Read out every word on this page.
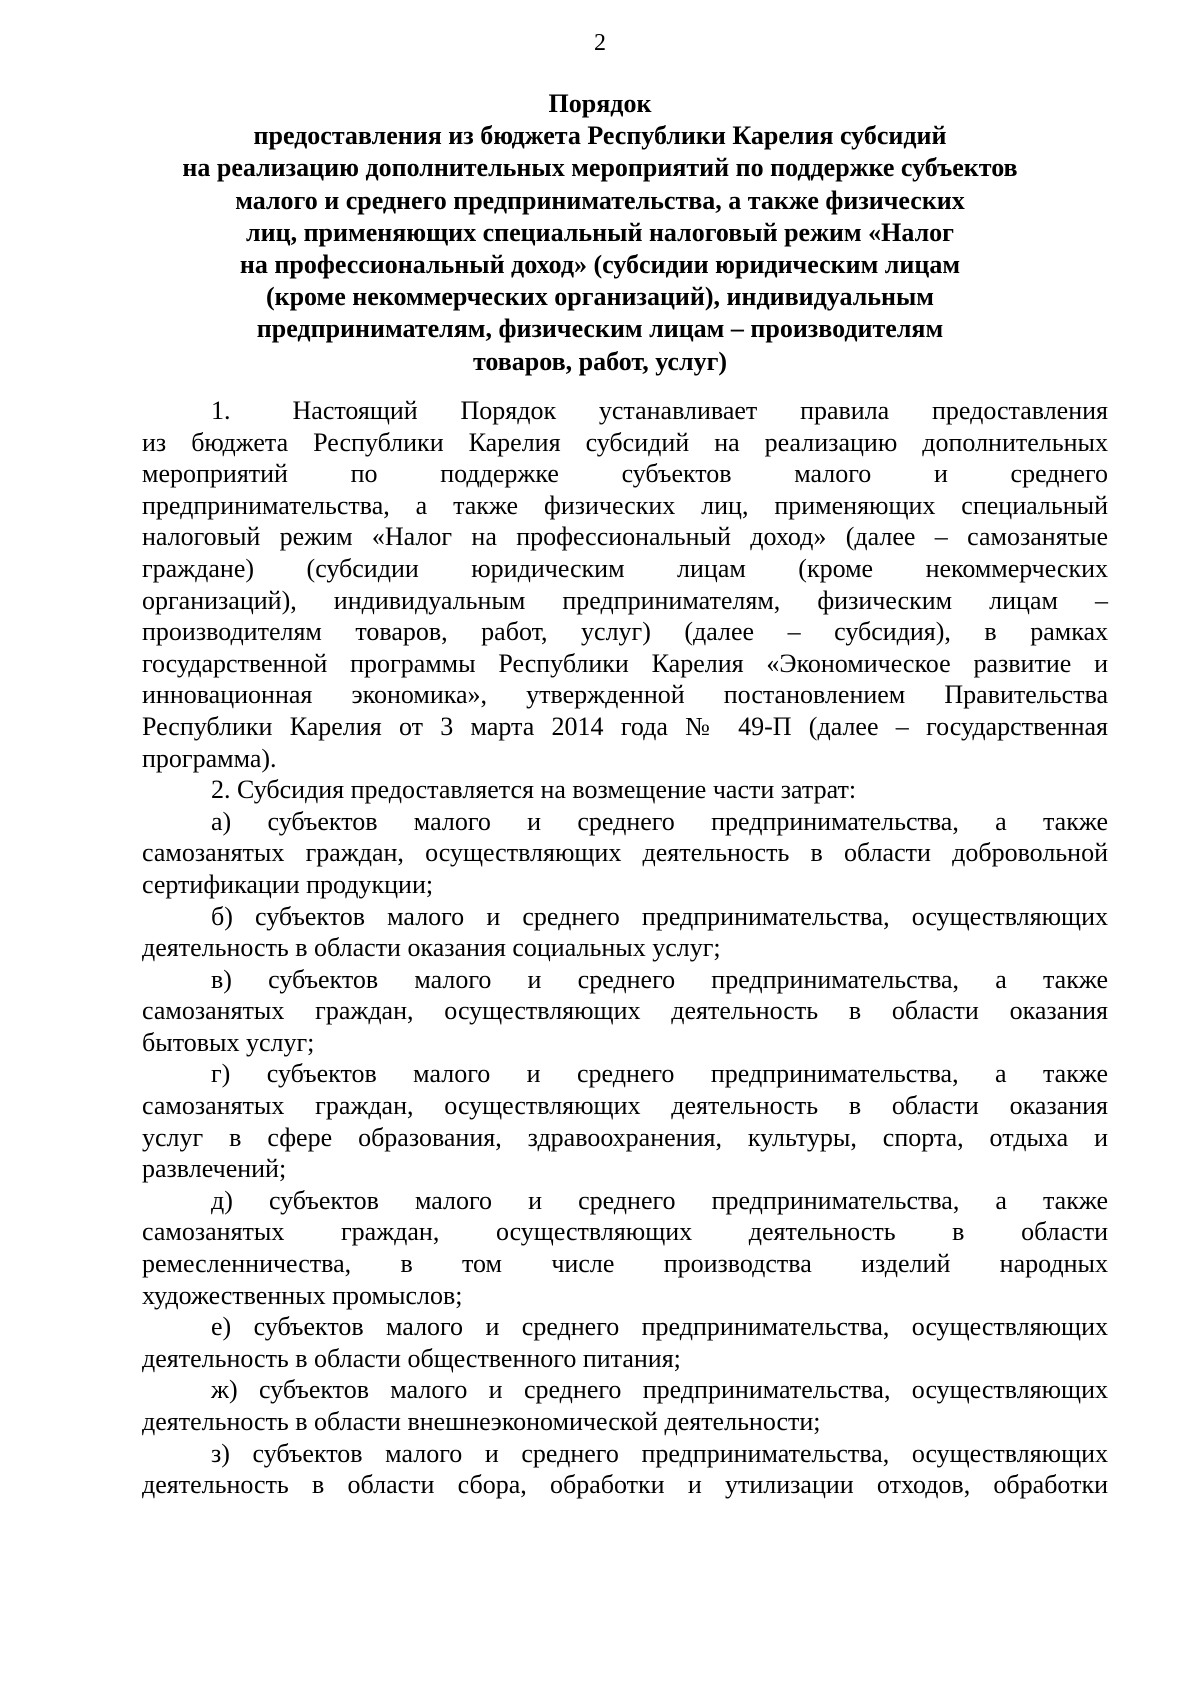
2
Порядок
предоставления из бюджета Республики Карелия субсидий
на реализацию дополнительных мероприятий по поддержке субъектов
малого и среднего предпринимательства, а также физических
лиц, применяющих специальный налоговый режим «Налог
на профессиональный доход» (субсидии юридическим лицам
(кроме некоммерческих организаций), индивидуальным
предпринимателям, физическим лицам – производителям
товаров, работ, услуг)
1. Настоящий Порядок устанавливает правила предоставления
из бюджета Республики Карелия субсидий на реализацию дополнительных
мероприятий по поддержке субъектов малого и среднего
предпринимательства, а также физических лиц, применяющих специальный
налоговый режим «Налог на профессиональный доход» (далее – самозанятые
граждане) (субсидии юридическим лицам (кроме некоммерческих
организаций), индивидуальным предпринимателям, физическим лицам –
производителям товаров, работ, услуг) (далее – субсидия), в рамках
государственной программы Республики Карелия «Экономическое развитие и
инновационная экономика», утвержденной постановлением Правительства
Республики Карелия от 3 марта 2014 года № 49-П (далее – государственная
программа).
2. Субсидия предоставляется на возмещение части затрат:
а) субъектов малого и среднего предпринимательства, а также
самозанятых граждан, осуществляющих деятельность в области добровольной
сертификации продукции;
б) субъектов малого и среднего предпринимательства, осуществляющих
деятельность в области оказания социальных услуг;
в) субъектов малого и среднего предпринимательства, а также
самозанятых граждан, осуществляющих деятельность в области оказания
бытовых услуг;
г) субъектов малого и среднего предпринимательства, а также
самозанятых граждан, осуществляющих деятельность в области оказания
услуг в сфере образования, здравоохранения, культуры, спорта, отдыха и
развлечений;
д) субъектов малого и среднего предпринимательства, а также
самозанятых граждан, осуществляющих деятельность в области
ремесленничества, в том числе производства изделий народных
художественных промыслов;
е) субъектов малого и среднего предпринимательства, осуществляющих
деятельность в области общественного питания;
ж) субъектов малого и среднего предпринимательства, осуществляющих
деятельность в области внешнеэкономической деятельности;
з) субъектов малого и среднего предпринимательства, осуществляющих
деятельность в области сбора, обработки и утилизации отходов, обработки
